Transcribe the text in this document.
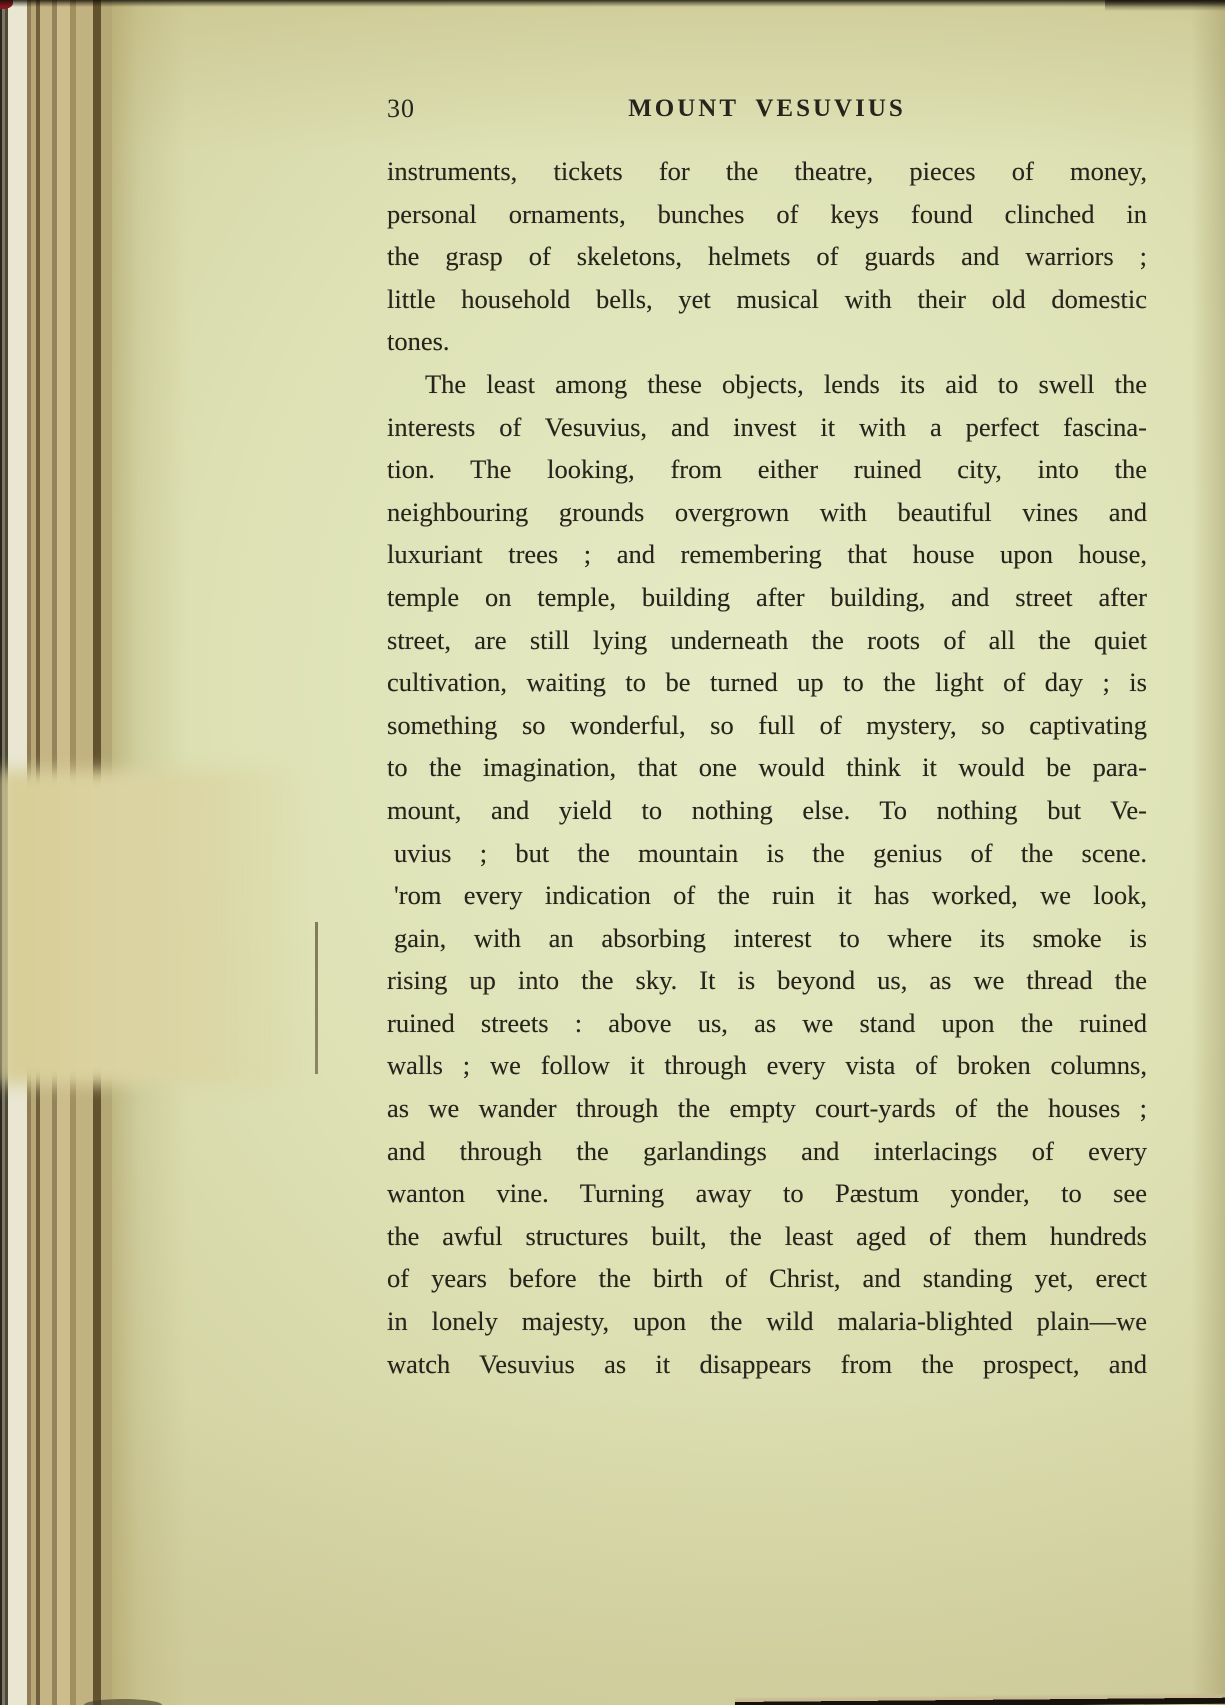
30	MOUNT VESUVIUS
instruments, tickets for the theatre, pieces of money,
personal ornaments, bunches of keys found clinched in
the grasp of skeletons, helmets of guards and warriors ;
little household bells, yet musical with their old domestic
tones.
The least among these objects, lends its aid to swell the
interests of Vesuvius, and invest it with a perfect fascina-
tion. The looking, from either ruined city, into the
neighbouring grounds overgrown with beautiful vines and
luxuriant trees ; and remembering that house upon house,
temple on temple, building after building, and street after
street, are still lying underneath the roots of all the quiet
cultivation, waiting to be turned up to the light of day ; is
something so wonderful, so full of mystery, so captivating
to the imagination, that one would think it would be para-
mount, and yield to nothing else. To nothing but Ve-
uvius ; but the mountain is the genius of the scene.
'rom every indication of the ruin it has worked, we look,
gain, with an absorbing interest to where its smoke is
rising up into the sky. It is beyond us, as we thread the
ruined streets : above us, as we stand upon the ruined
walls ; we follow it through every vista of broken columns,
as we wander through the empty court-yards of the houses ;
and through the garlandings and interlacings of every
wanton vine. Turning away to Pæstum yonder, to see
the awful structures built, the least aged of them hundreds
of years before the birth of Christ, and standing yet, erect
in lonely majesty, upon the wild malaria-blighted plain—we
watch Vesuvius as it disappears from the prospect, and
